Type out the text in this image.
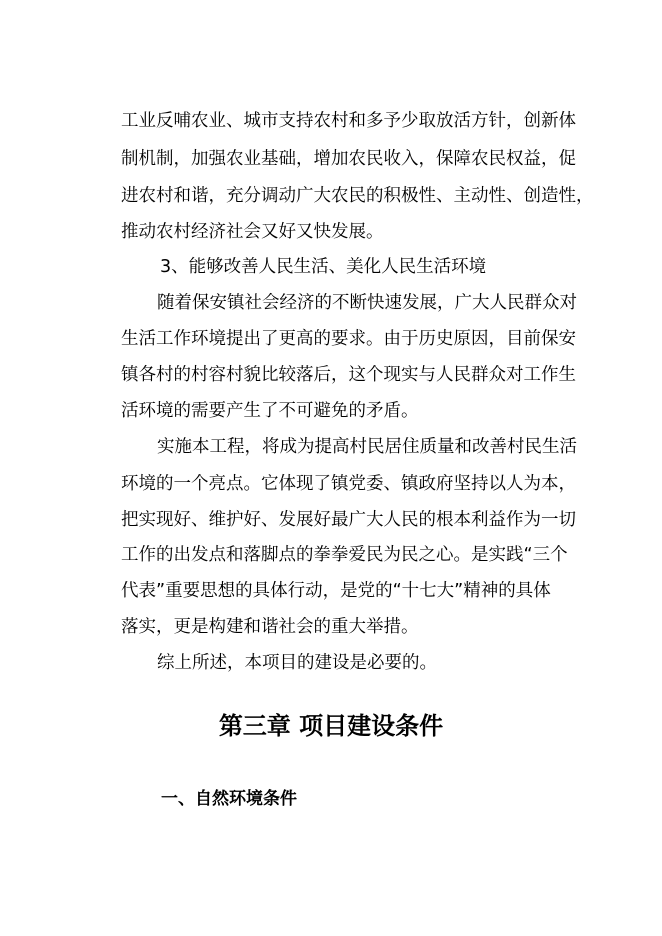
工业反哺农业、城市支持农村和多予少取放活方针，创新体
制机制，加强农业基础，增加农民收入，保障农民权益，促
进农村和谐，充分调动广大农民的积极性、主动性、创造性，
推动农村经济社会又好又快发展。
3、能够改善人民生活、美化人民生活环境
随着保安镇社会经济的不断快速发展，广大人民群众对
生活工作环境提出了更高的要求。由于历史原因，目前保安
镇各村的村容村貌比较落后，这个现实与人民群众对工作生
活环境的需要产生了不可避免的矛盾。
实施本工程，将成为提高村民居住质量和改善村民生活
环境的一个亮点。它体现了镇党委、镇政府坚持以人为本，
把实现好、维护好、发展好最广大人民的根本利益作为一切
工作的出发点和落脚点的拳拳爱民为民之心。是实践“三个
代表”重要思想的具体行动，是党的“十七大”精神的具体
落实，更是构建和谐社会的重大举措。
综上所述，本项目的建设是必要的。
第三章 项目建设条件
一、自然环境条件
